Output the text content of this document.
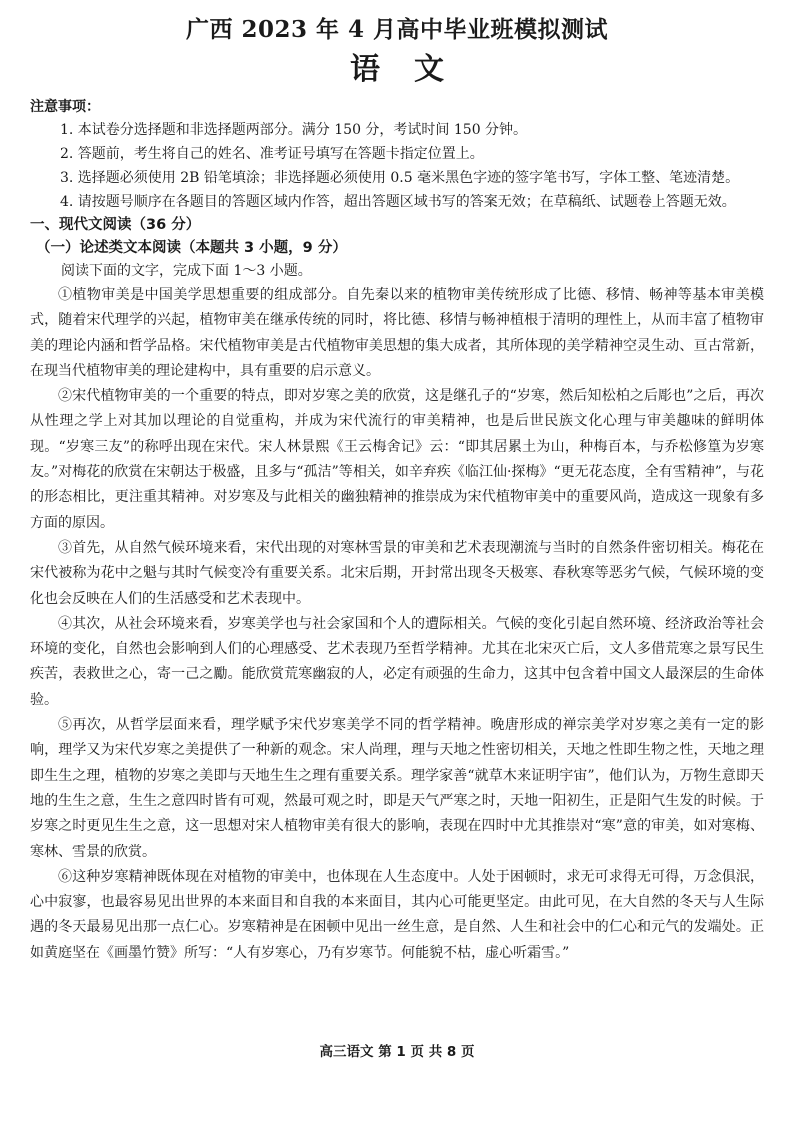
广西 2023 年 4 月高中毕业班模拟测试
语文
注意事项：
1. 本试卷分选择题和非选择题两部分。满分 150 分，考试时间 150 分钟。
2. 答题前，考生将自己的姓名、准考证号填写在答题卡指定位置上。
3. 选择题必须使用 2B 铅笔填涂；非选择题必须使用 0.5 毫米黑色字迹的签字笔书写，字体工整、笔迹清楚。
4. 请按题号顺序在各题目的答题区域内作答，超出答题区域书写的答案无效；在草稿纸、试题卷上答题无效。
一、现代文阅读（36 分）
（一）论述类文本阅读（本题共 3 小题，9 分）
阅读下面的文字，完成下面 1～3 小题。

①植物审美是中国美学思想重要的组成部分。自先秦以来的植物审美传统形成了比德、移情、畅神等基本审美模式，随着宋代理学的兴起，植物审美在继承传统的同时，将比德、移情与畅神植根于清明的理性上，从而丰富了植物审美的理论内涵和哲学品格。宋代植物审美是古代植物审美思想的集大成者，其所体现的美学精神空灵生动、亘古常新，在现当代植物审美的理论建构中，具有重要的启示意义。

②宋代植物审美的一个重要的特点，即对岁寒之美的欣赏，这是继孔子的“岁寒，然后知松柏之后彫也”之后，再次从性理之学上对其加以理论的自觉重构，并成为宋代流行的审美精神，也是后世民族文化心理与审美趣味的鲜明体现。“岁寒三友”的称呼出现在宋代。宋人林景熙《王云梅舍记》云：“即其居累土为山，种梅百本，与乔松修篁为岁寒友。”对梅花的欣赏在宋朝达于极盛，且多与“孤洁”等相关，如辛弃疾《临江仙·探梅》“更无花态度，全有雪精神”，与花的形态相比，更注重其精神。对岁寒及与此相关的幽独精神的推崇成为宋代植物审美中的重要风尚，造成这一现象有多方面的原因。

③首先，从自然气候环境来看，宋代出现的对寒林雪景的审美和艺术表现潮流与当时的自然条件密切相关。梅花在宋代被称为花中之魁与其时气候变冷有重要关系。北宋后期，开封常出现冬天极寒、春秋寒等恶劣气候，气候环境的变化也会反映在人们的生活感受和艺术表现中。

④其次，从社会环境来看，岁寒美学也与社会家国和个人的遭际相关。气候的变化引起自然环境、经济政治等社会环境的变化，自然也会影响到人们的心理感受、艺术表现乃至哲学精神。尤其在北宋灭亡后，文人多借荒寒之景写民生疾苦，表救世之心，寄一己之勵。能欣赏荒寒幽寂的人，必定有顽强的生命力，这其中包含着中国文人最深层的生命体验。

⑤再次，从哲学层面来看，理学赋予宋代岁寒美学不同的哲学精神。晚唐形成的禅宗美学对岁寒之美有一定的影响，理学又为宋代岁寒之美提供了一种新的观念。宋人尚理，理与天地之性密切相关，天地之性即生物之性，天地之理即生生之理，植物的岁寒之美即与天地生生之理有重要关系。理学家善“就草木来证明宇宙”，他们认为，万物生意即天地的生生之意，生生之意四时皆有可观，然最可观之时，即是天气严寒之时，天地一阳初生，正是阳气生发的时候。于岁寒之时更见生生之意，这一思想对宋人植物审美有很大的影响，表现在四时中尤其推崇对“寒”意的审美，如对寒梅、寒林、雪景的欣赏。

⑥这种岁寒精神既体现在对植物的审美中，也体现在人生态度中。人处于困顿时，求无可求得无可得，万念俱泯，心中寂寥，也最容易见出世界的本来面目和自我的本来面目，其内心可能更坚定。由此可见，在大自然的冬天与人生际遇的冬天最易见出那一点仁心。岁寒精神是在困顿中见出一丝生意，是自然、人生和社会中的仁心和元气的发端处。正如黄庭坚在《画墨竹赞》所写：“人有岁寒心，乃有岁寒节。何能貌不枯，虚心听霜雪。”

高三语文 第 1 页 共 8 页
